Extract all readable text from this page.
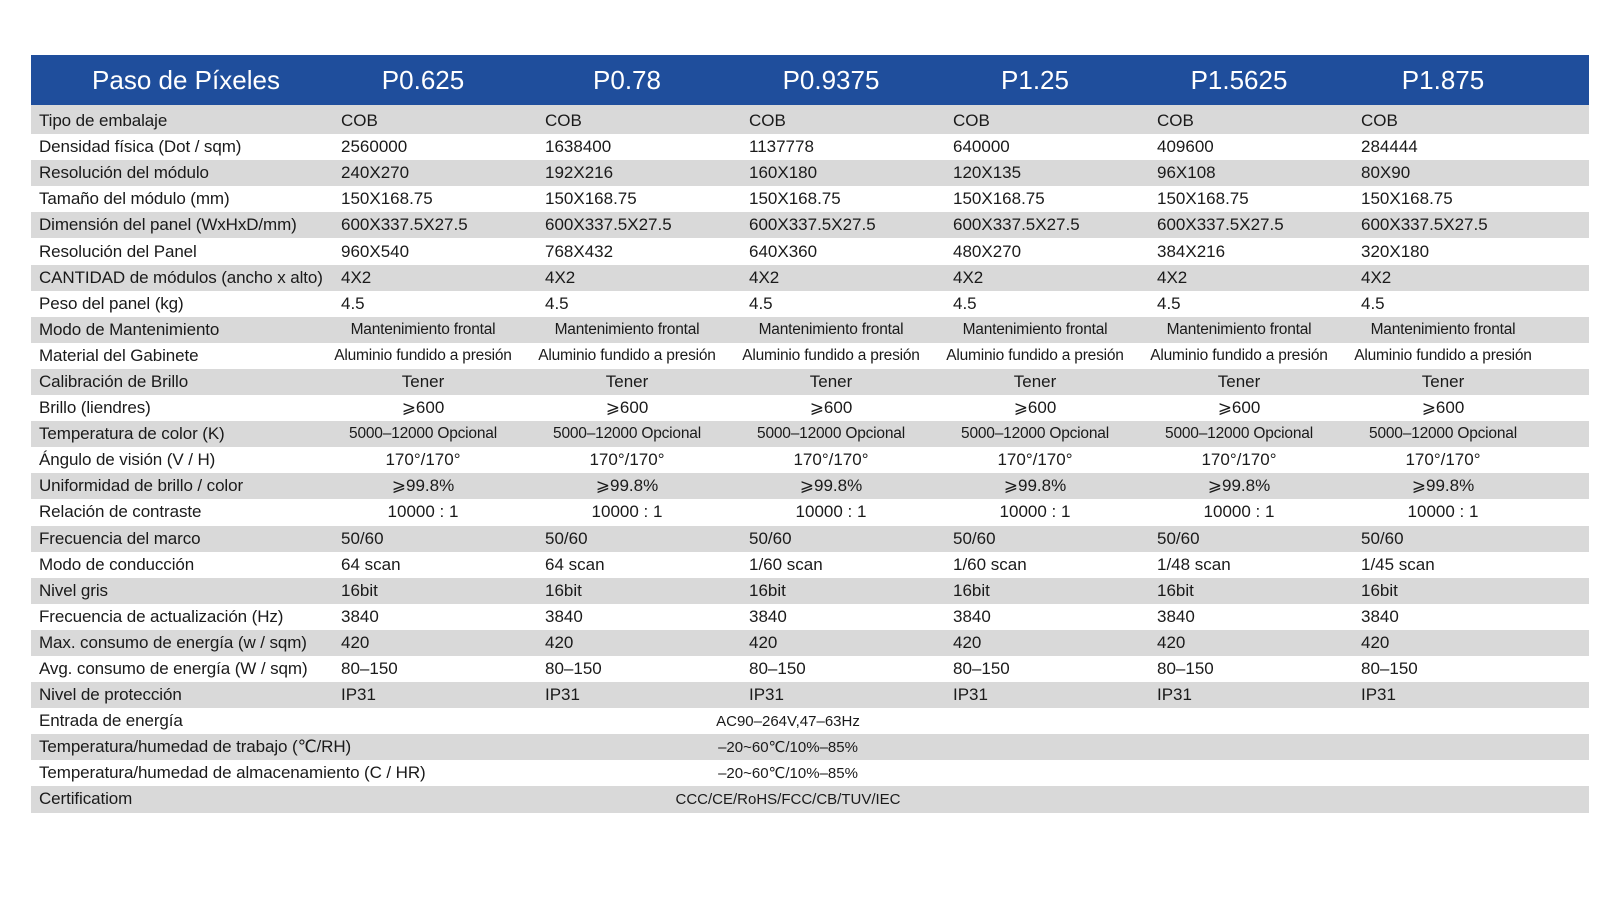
Paso de Píxeles	P0.625	P0.78	P0.9375	P1.25	P1.5625	P1.875
Tipo de embalaje	COB	COB	COB	COB	COB	COB
Densidad física (Dot / sqm)	2560000	1638400	1137778	640000	409600	284444
Resolución del módulo	240X270	192X216	160X180	120X135	96X108	80X90
Tamaño del módulo (mm)	150X168.75	150X168.75	150X168.75	150X168.75	150X168.75	150X168.75
Dimensión del panel (WxHxD/mm)	600X337.5X27.5	600X337.5X27.5	600X337.5X27.5	600X337.5X27.5	600X337.5X27.5	600X337.5X27.5
Resolución del Panel	960X540	768X432	640X360	480X270	384X216	320X180
CANTIDAD de módulos (ancho x alto)	4X2	4X2	4X2	4X2	4X2	4X2
Peso del panel (kg)	4.5	4.5	4.5	4.5	4.5	4.5
Modo de Mantenimiento	Mantenimiento frontal	Mantenimiento frontal	Mantenimiento frontal	Mantenimiento frontal	Mantenimiento frontal	Mantenimiento frontal
Material del Gabinete	Aluminio fundido a presión	Aluminio fundido a presión	Aluminio fundido a presión	Aluminio fundido a presión	Aluminio fundido a presión	Aluminio fundido a presión
Calibración de Brillo	Tener	Tener	Tener	Tener	Tener	Tener
Brillo (liendres)	⩾600	⩾600	⩾600	⩾600	⩾600	⩾600
Temperatura de color (K)	5000–12000 Opcional	5000–12000 Opcional	5000–12000 Opcional	5000–12000 Opcional	5000–12000 Opcional	5000–12000 Opcional
Ángulo de visión (V / H)	170°/170°	170°/170°	170°/170°	170°/170°	170°/170°	170°/170°
Uniformidad de brillo / color	⩾99.8%	⩾99.8%	⩾99.8%	⩾99.8%	⩾99.8%	⩾99.8%
Relación de contraste	10000 : 1	10000 : 1	10000 : 1	10000 : 1	10000 : 1	10000 : 1
Frecuencia del marco	50/60	50/60	50/60	50/60	50/60	50/60
Modo de conducción	64 scan	64 scan	1/60 scan	1/60 scan	1/48 scan	1/45 scan
Nivel gris	16bit	16bit	16bit	16bit	16bit	16bit
Frecuencia de actualización (Hz)	3840	3840	3840	3840	3840	3840
Max. consumo de energía (w / sqm)	420	420	420	420	420	420
Avg. consumo de energía (W / sqm)	80–150	80–150	80–150	80–150	80–150	80–150
Nivel de protección	IP31	IP31	IP31	IP31	IP31	IP31
Entrada de energía	AC90–264V,47–63Hz
Temperatura/humedad de trabajo (℃/RH)	–20~60℃/10%–85%
Temperatura/humedad de almacenamiento (C / HR)	–20~60℃/10%–85%
Certificatiom	CCC/CE/RoHS/FCC/CB/TUV/IEC
